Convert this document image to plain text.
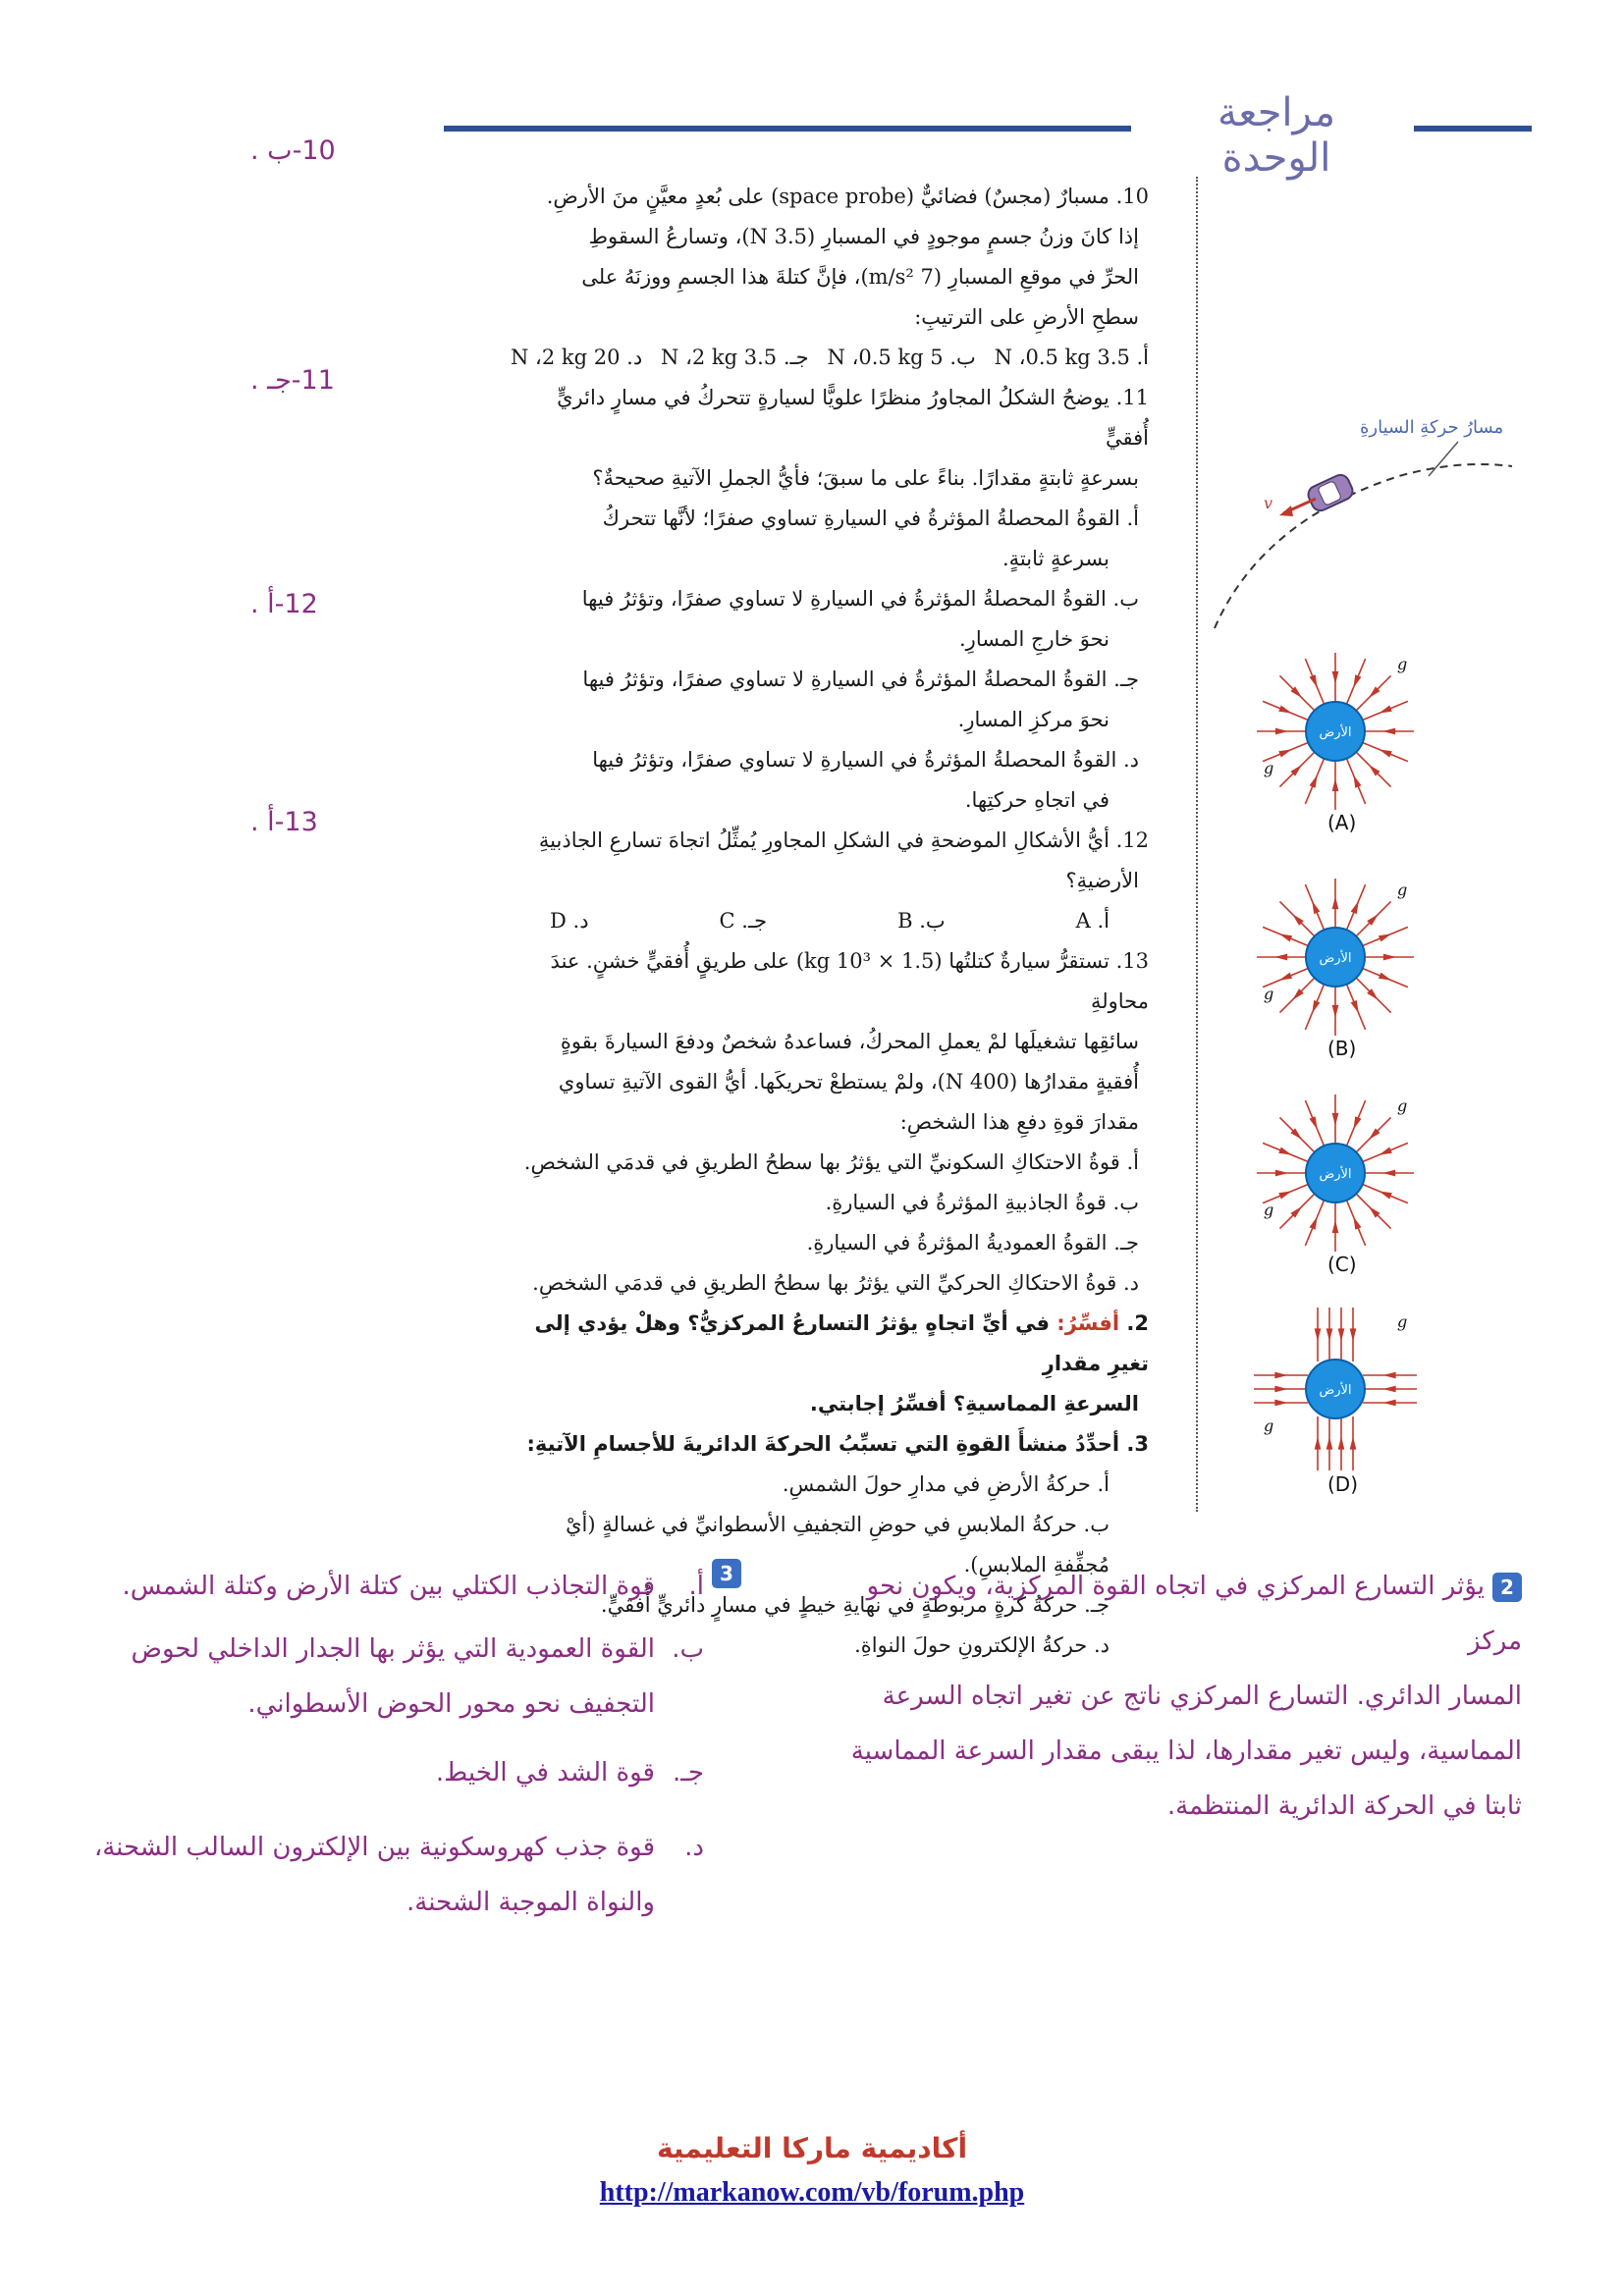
مراجعة الوحدة
10-ب .
11-جـ .
12-أ .
13-أ .

10. مسبارٌ (مجسٌ) فضائيٌّ (space probe) على بُعدٍ معيَّنٍ منَ الأرضِ.

إذا كانَ وزنُ جسمٍ موجودٍ في المسبارِ (3.5 N)، وتسارعُ السقوطِ

الحرِّ في موقعِ المسبارِ (7 m/s²)، فإنَّ كتلةَ هذا الجسمِ ووزنَهُ على

سطحِ الأرضِ على الترتيبِ:

أ. 3.5 N ،0.5 kg
ب. 5 N ،0.5 kg
جـ. 3.5 N ،2 kg
د. 20 N ،2 kg

11. يوضحُ الشكلُ المجاورُ منظرًا علويًّا لسيارةٍ تتحركُ في مسارٍ دائريٍّ أُفقيٍّ

بسرعةٍ ثابتةٍ مقدارًا. بناءً على ما سبقَ؛ فأيُّ الجملِ الآتيةِ صحيحةٌ؟

أ. القوةُ المحصلةُ المؤثرةُ في السيارةِ تساوي صفرًا؛ لأنَّها تتحركُ

بسرعةٍ ثابتةٍ.

ب. القوةُ المحصلةُ المؤثرةُ في السيارةِ لا تساوي صفرًا، وتؤثرُ فيها

نحوَ خارجِ المسارِ.

جـ. القوةُ المحصلةُ المؤثرةُ في السيارةِ لا تساوي صفرًا، وتؤثرُ فيها

نحوَ مركزِ المسارِ.

د. القوةُ المحصلةُ المؤثرةُ في السيارةِ لا تساوي صفرًا، وتؤثرُ فيها

في اتجاهِ حركتِها.

12. أيُّ الأشكالِ الموضحةِ في الشكلِ المجاورِ يُمثِّلُ اتجاهَ تسارعِ الجاذبيةِ

الأرضيةِ؟

أ. A
ب. B
جـ. C
د. D

13. تستقرُّ سيارةٌ كتلتُها (1.5 × 10³ kg) على طريقٍ أُفقيٍّ خشنٍ. عندَ محاولةِ

سائقِها تشغيلَها لمْ يعملِ المحركُ، فساعدهُ شخصٌ ودفعَ السيارةَ بقوةٍ

أُفقيةٍ مقدارُها (400 N)، ولمْ يستطعْ تحريكَها. أيُّ القوى الآتيةِ تساوي

مقدارَ قوةِ دفعِ هذا الشخصِ:

أ. قوةُ الاحتكاكِ السكونيِّ التي يؤثرُ بها سطحُ الطريقِ في قدمَي الشخصِ.

ب. قوةُ الجاذبيةِ المؤثرةُ في السيارةِ.

جـ. القوةُ العموديةُ المؤثرةُ في السيارةِ.

د. قوةُ الاحتكاكِ الحركيِّ التي يؤثرُ بها سطحُ الطريقِ في قدمَي الشخصِ.

2. أفسِّرُ: في أيِّ اتجاهٍ يؤثرُ التسارعُ المركزيُّ؟ وهلْ يؤدي إلى تغيرِ مقدارِ

السرعةِ المماسيةِ؟ أفسِّرُ إجابتي.

3. أحدِّدُ منشأَ القوةِ التي تسبِّبُ الحركةَ الدائريةَ للأجسامِ الآتيةِ:

أ. حركةُ الأرضِ في مدارِ حولَ الشمسِ.

ب. حركةُ الملابسِ في حوضِ التجفيفِ الأسطوانيِّ في غسالةٍ (أيْ مُجفِّفةِ الملابسِ).

جـ. حركةُ كرةٍ مربوطةٍ في نهايةِ خيطٍ في مسارٍ دائريٍّ أُفقيٍّ.

د. حركةُ الإلكترونِ حولَ النواةِ.

مسارُ حركةِ السيارةِ
v
الأرض
g
g
(A)
الأرض
g
g
(B)
الأرض
g
g
(C)
الأرض
g
g
(D)
2يؤثر التسارع المركزي في اتجاه القوة المركزية، ويكون نحو مركز
المسار الدائري. التسارع المركزي ناتج عن تغير اتجاه السرعة
المماسية، وليس تغير مقدارها، لذا يبقى مقدار السرعة المماسية
ثابتا في الحركة الدائرية المنتظمة.
3
أ.
قوة التجاذب الكتلي بين كتلة الأرض وكتلة الشمس.
ب.
القوة العمودية التي يؤثر بها الجدار الداخلي لحوض
التجفيف نحو محور الحوض الأسطواني.
جـ.
قوة الشد في الخيط.
د.
قوة جذب كهروسكونية بين الإلكترون السالب الشحنة،
والنواة الموجبة الشحنة.
أكاديمية ماركا التعليمية
http://markanow.com/vb/forum.php
